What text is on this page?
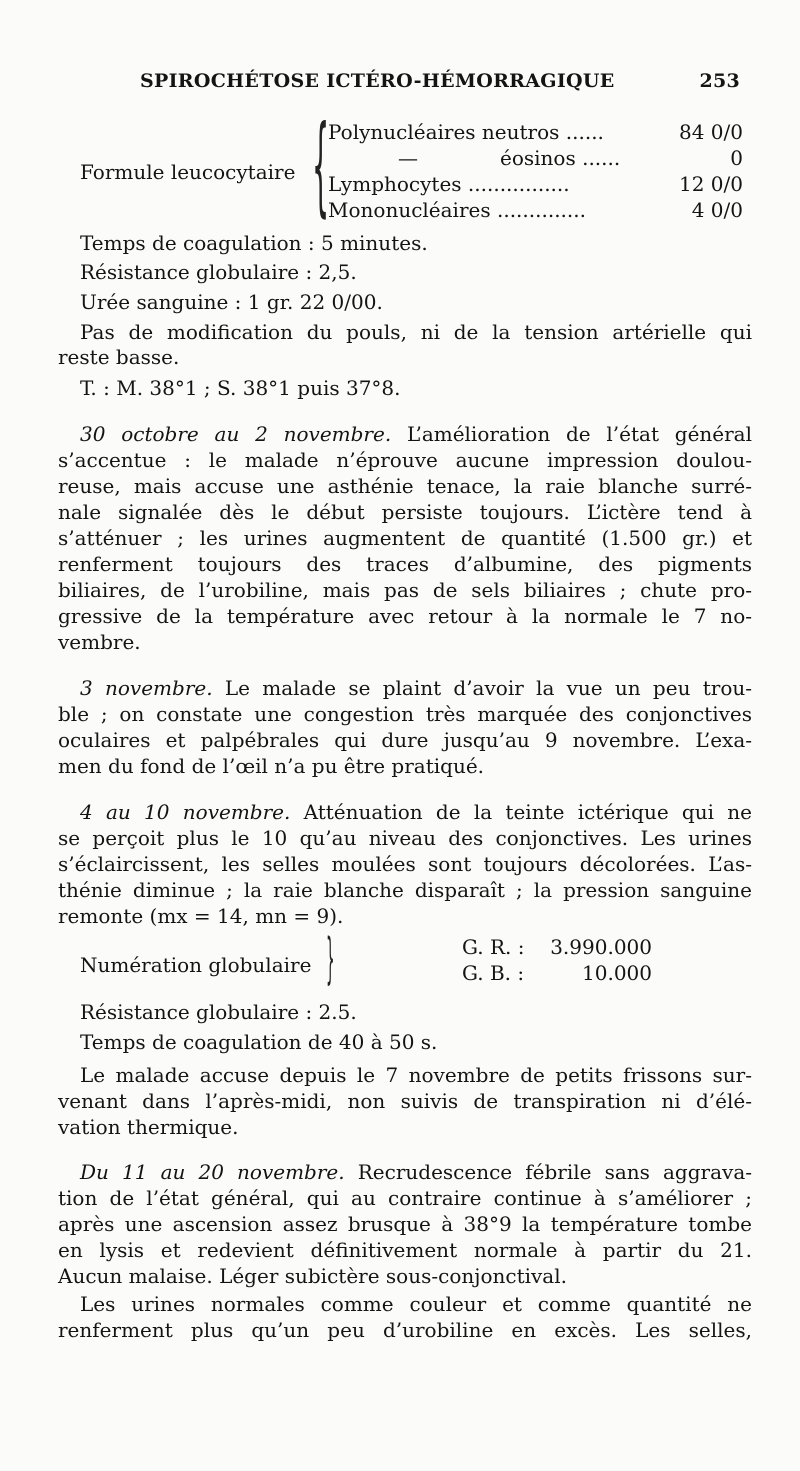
SPIROCHÉTOSE ICTÉRO-HÉMORRAGIQUE	253
Formule leucocytaire {
Polynucléaires neutros ......	84 0/0
—	éosinos ......	0
Lymphocytes ................	12 0/0
Mononucléaires ..............	4 0/0
Temps de coagulation : 5 minutes.
Résistance globulaire : 2,5.
Urée sanguine : 1 gr. 22 0/00.
Pas de modification du pouls, ni de la tension artérielle qui
reste basse.
T. : M. 38°1 ; S. 38°1 puis 37°8.
30 octobre au 2 novembre. L’amélioration de l’état général
s’accentue : le malade n’éprouve aucune impression doulou-
reuse, mais accuse une asthénie tenace, la raie blanche surré-
nale signalée dès le début persiste toujours. L’ictère tend à
s’atténuer ; les urines augmentent de quantité (1.500 gr.) et
renferment toujours des traces d’albumine, des pigments
biliaires, de l’urobiline, mais pas de sels biliaires ; chute pro-
gressive de la température avec retour à la normale le 7 no-
vembre.
3 novembre. Le malade se plaint d’avoir la vue un peu trou-
ble ; on constate une congestion très marquée des conjonctives
oculaires et palpébrales qui dure jusqu’au 9 novembre. L’exa-
men du fond de l’œil n’a pu être pratiqué.
4 au 10 novembre. Atténuation de la teinte ictérique qui ne
se perçoit plus le 10 qu’au niveau des conjonctives. Les urines
s’éclaircissent, les selles moulées sont toujours décolorées. L’as-
thénie diminue ; la raie blanche disparaît ; la pression sanguine
remonte (mx = 14, mn = 9).
Numération globulaire }	G. R. : 3.990.000
G. B. :	10.000
Résistance globulaire : 2.5.
Temps de coagulation de 40 à 50 s.
Le malade accuse depuis le 7 novembre de petits frissons sur-
venant dans l’après-midi, non suivis de transpiration ni d’élé-
vation thermique.
Du 11 au 20 novembre. Recrudescence fébrile sans aggrava-
tion de l’état général, qui au contraire continue à s’améliorer ;
après une ascension assez brusque à 38°9 la température tombe
en lysis et redevient définitivement normale à partir du 21.
Aucun malaise. Léger subictère sous-conjonctival.
Les urines normales comme couleur et comme quantité ne
renferment plus qu’un peu d’urobiline en excès. Les selles,
